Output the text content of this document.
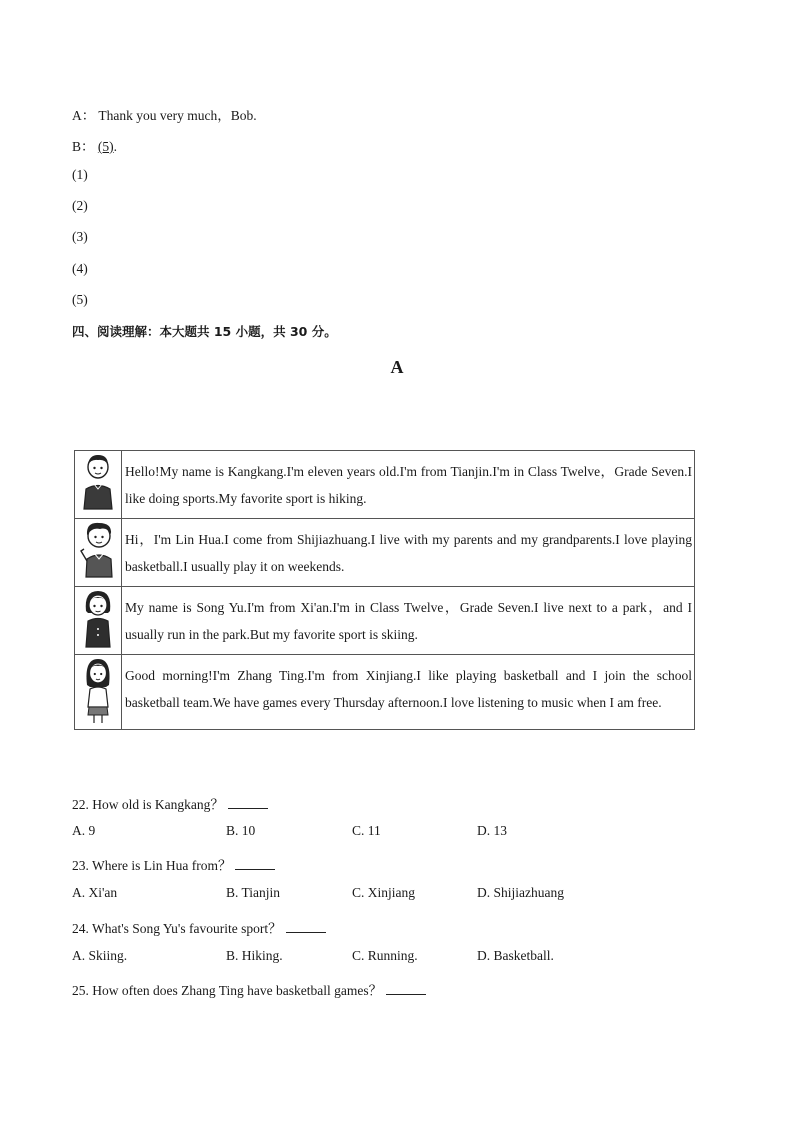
A： Thank you very much，Bob.
B： (5).
(1)
(2)
(3)
(4)
(5)
四、阅读理解：本大题共 15 小题，共 30 分。
A
	Hello!My name is Kangkang.I'm eleven years old.I'm from Tianjin.I'm in Class Twelve，Grade Seven.I like doing sports.My favorite sport is hiking.
	Hi，I'm Lin Hua.I come from Shijiazhuang.I live with my parents and my grandparents.I love playing basketball.I usually play it on weekends.
	My name is Song Yu.I'm from Xi'an.I'm in Class Twelve，Grade Seven.I live next to a park，and I usually run in the park.But my favorite sport is skiing.
	Good morning!I'm Zhang Ting.I'm from Xinjiang.I like playing basketball and I join the school basketball team.We have games every Thursday afternoon.I love listening to music when I am free.
22. How old is Kangkang？
A. 9	B. 10	C. 11	D. 13
23. Where is Lin Hua from？
A. Xi'an	B. Tianjin	C. Xinjiang	D. Shijiazhuang
24. What's Song Yu's favourite sport？
A. Skiing.	B. Hiking.	C. Running.	D. Basketball.
25. How often does Zhang Ting have basketball games？
